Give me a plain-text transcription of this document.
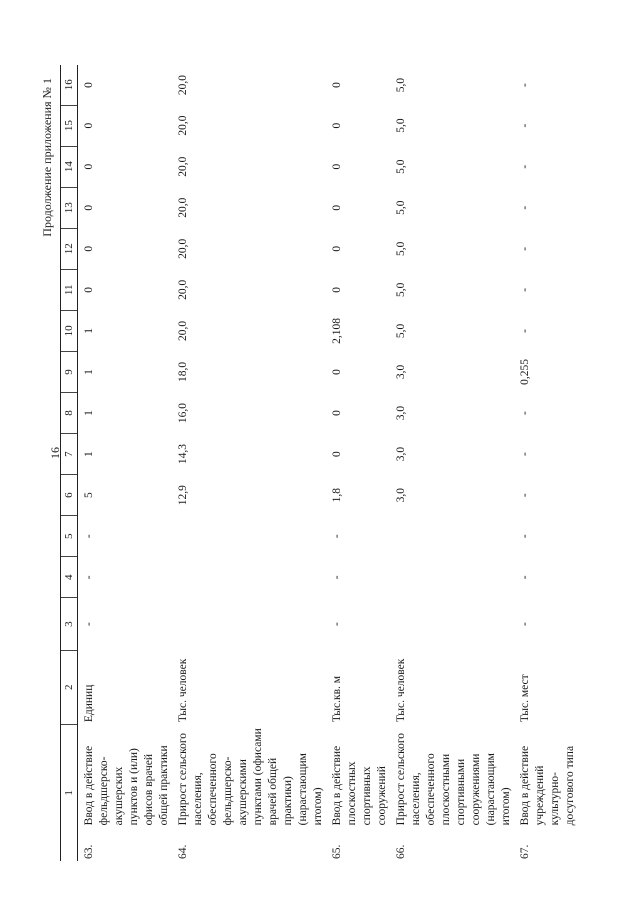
Продолжение приложения № 1
16
1		2	3	4	5	6	7	8	9	10	11	12	13	14	15	16
63.	Ввод в действие фельдшерско- акушерских пунктов и (или) офисов врачей общей практики	Единиц	-	-	-	5	1	1	1	1	0	0	0	0	0	0
64.	Прирост сельского населения, обеспеченного фельдшерско-акушерскими пунктами (офисами врачей общей практики) (нарастающим итогом)	Тыс. человек				12,9	14,3	16,0	18,0	20,0	20,0	20,0	20,0	20,0	20,0	20,0
65.	Ввод в действие плоскостных спортивных сооружений	Тыс.кв. м	-	-	-	1,8	0	0	0	2,108	0	0	0	0	0	0
66.	Прирост сельского населения, обеспеченного плоскостными спортивными сооружениями (нарастающим итогом)	Тыс. человек				3,0	3,0	3,0	3,0	5,0	5,0	5,0	5,0	5,0	5,0	5,0
67.	Ввод в действие учреждений культурно-досугового типа	Тыс. мест	-	-	-	-	-	-	0,255	-	-	-	-	-	-	-
